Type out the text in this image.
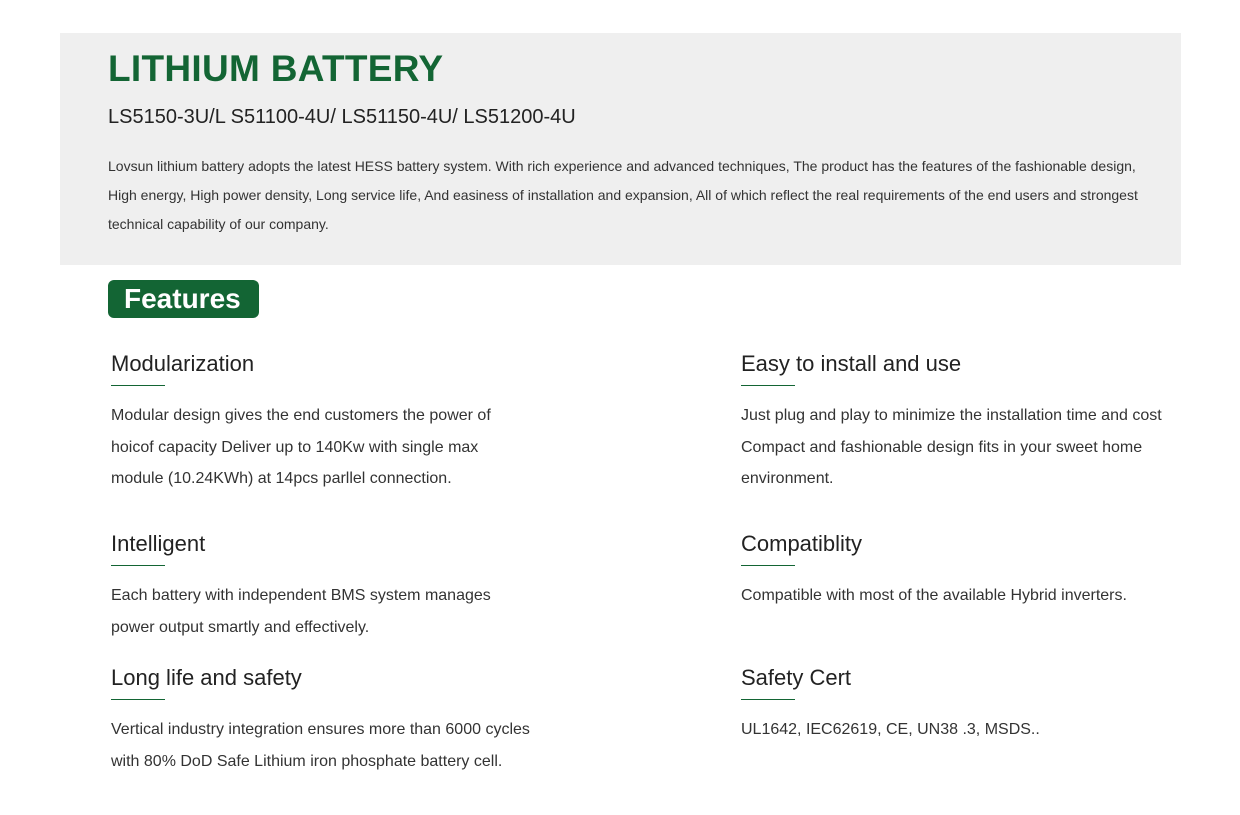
LITHIUM BATTERY
LS5150-3U/L S51100-4U/ LS51150-4U/ LS51200-4U

Lovsun lithium battery adopts the latest HESS battery system. With rich experience and advanced techniques, The product has the features of the fashionable design, High energy, High power density, Long service life, And easiness of installation and expansion, All of which reflect the real requirements of the end users and strongest technical capability of our company.

Features
Modularization

Modular design gives the end customers the power of hoicof capacity Deliver up to 140Kw with single max module (10.24KWh) at 14pcs parllel connection.

Easy to install and use

Just plug and play to minimize the installation time and cost Compact and fashionable design fits in your sweet home environment.

Intelligent

Each battery with independent BMS system manages power output smartly and effectively.

Compatiblity

Compatible with most of the available Hybrid inverters.

Long life and safety

Vertical industry integration ensures more than 6000 cycles with 80% DoD Safe Lithium iron phosphate battery cell.

Safety Cert

UL1642, IEC62619, CE, UN38 .3, MSDS..
